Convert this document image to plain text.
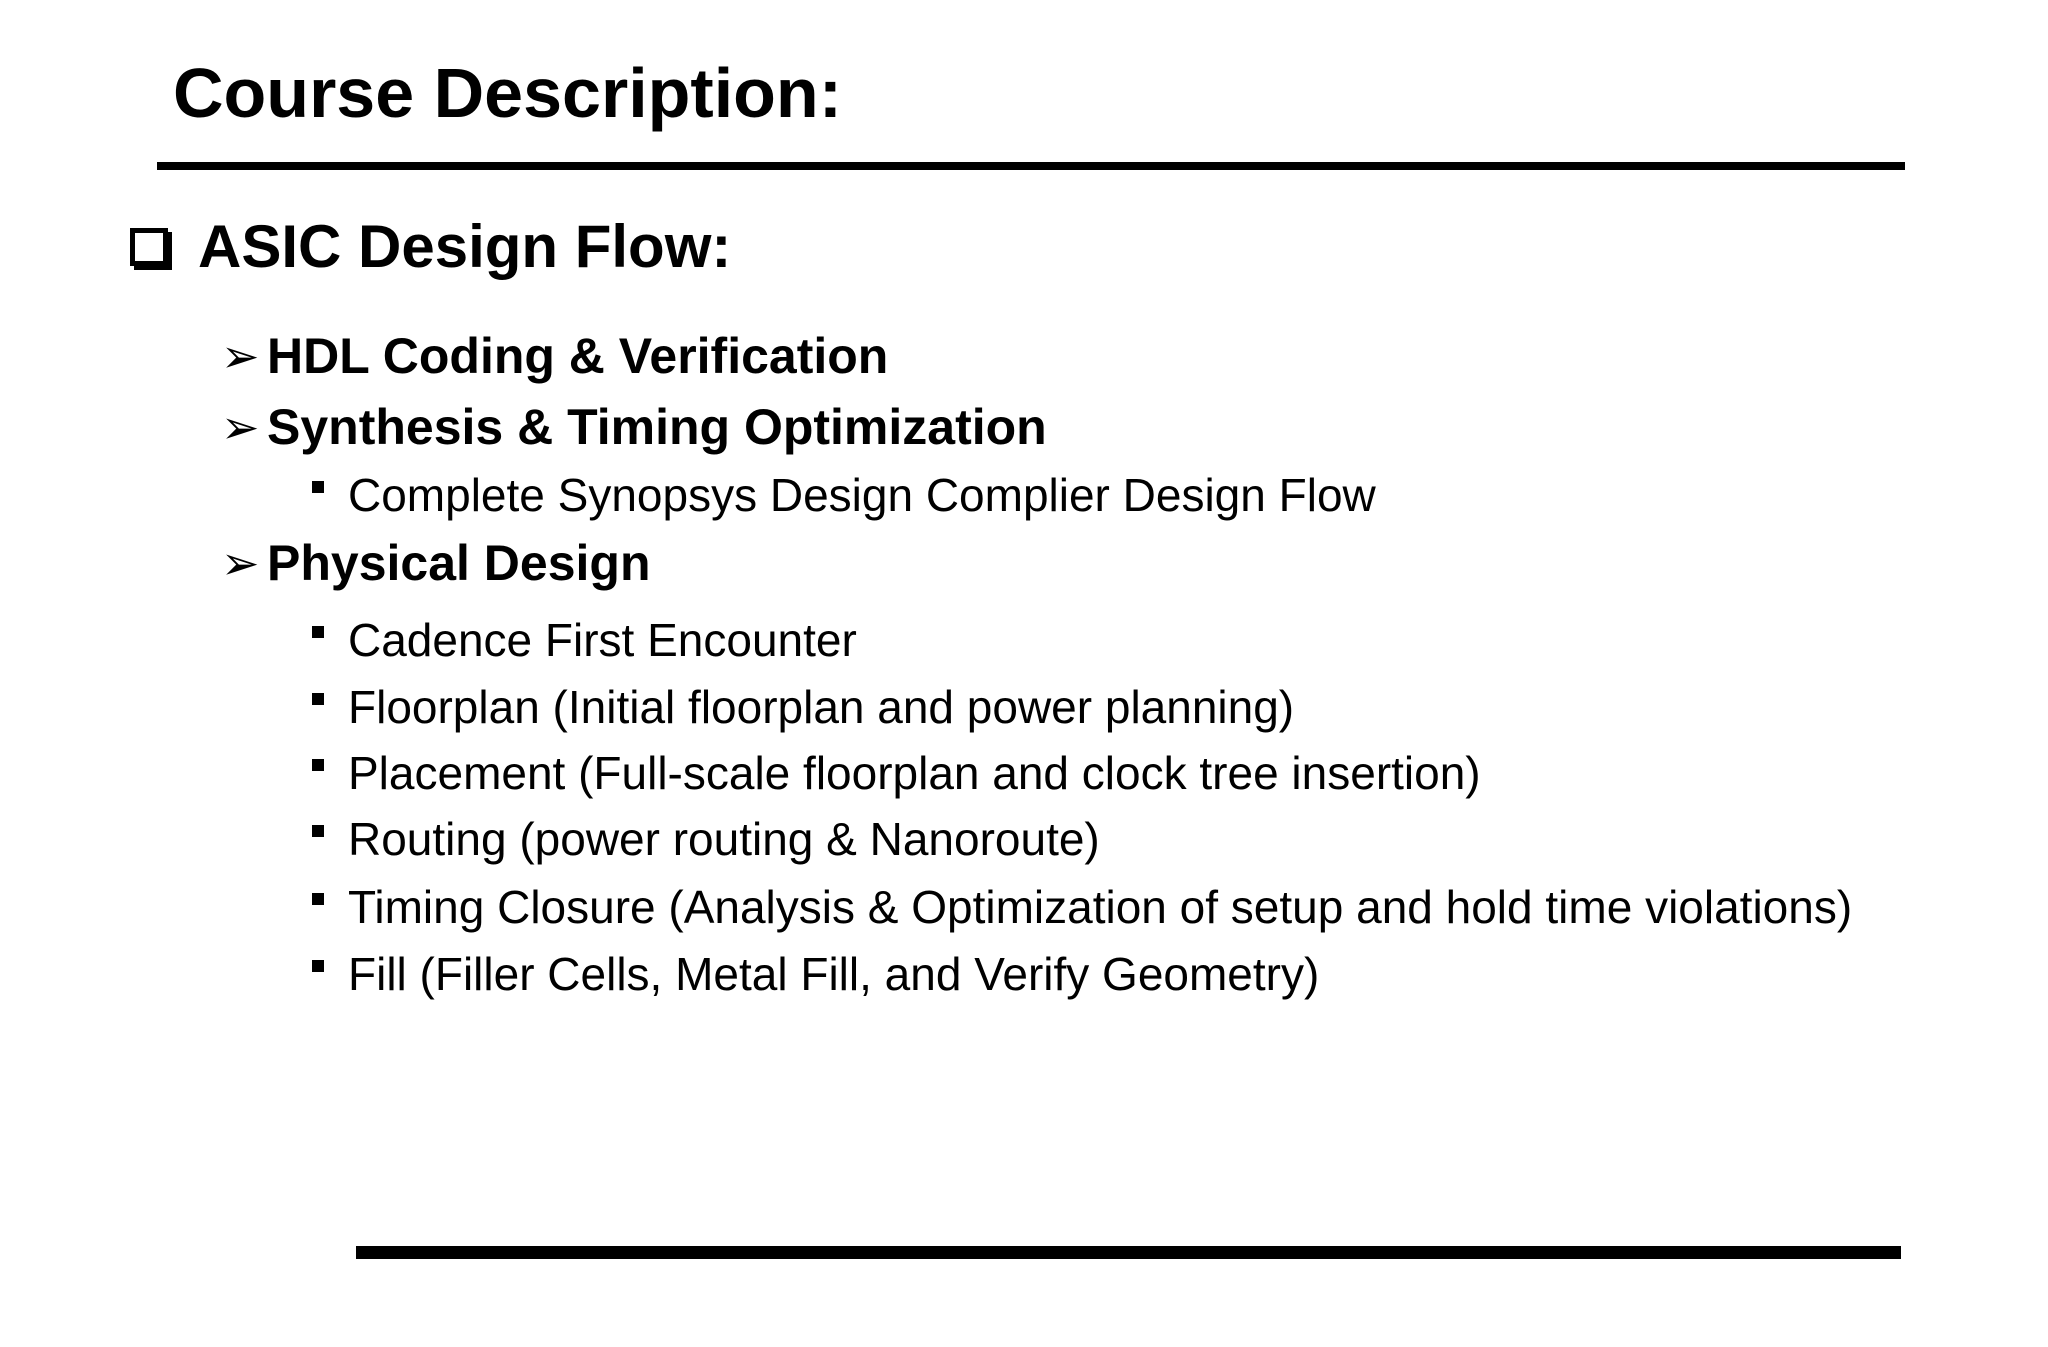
Course Description:
ASIC Design Flow:
➢ HDL Coding & Verification
➢ Synthesis & Timing Optimization
Complete Synopsys Design Complier Design Flow
➢ Physical Design
Cadence First Encounter
Floorplan (Initial floorplan and power planning)
Placement (Full-scale floorplan and clock tree insertion)
Routing (power routing & Nanoroute)
Timing Closure (Analysis & Optimization of setup and hold time violations)
Fill (Filler Cells, Metal Fill, and Verify Geometry)
